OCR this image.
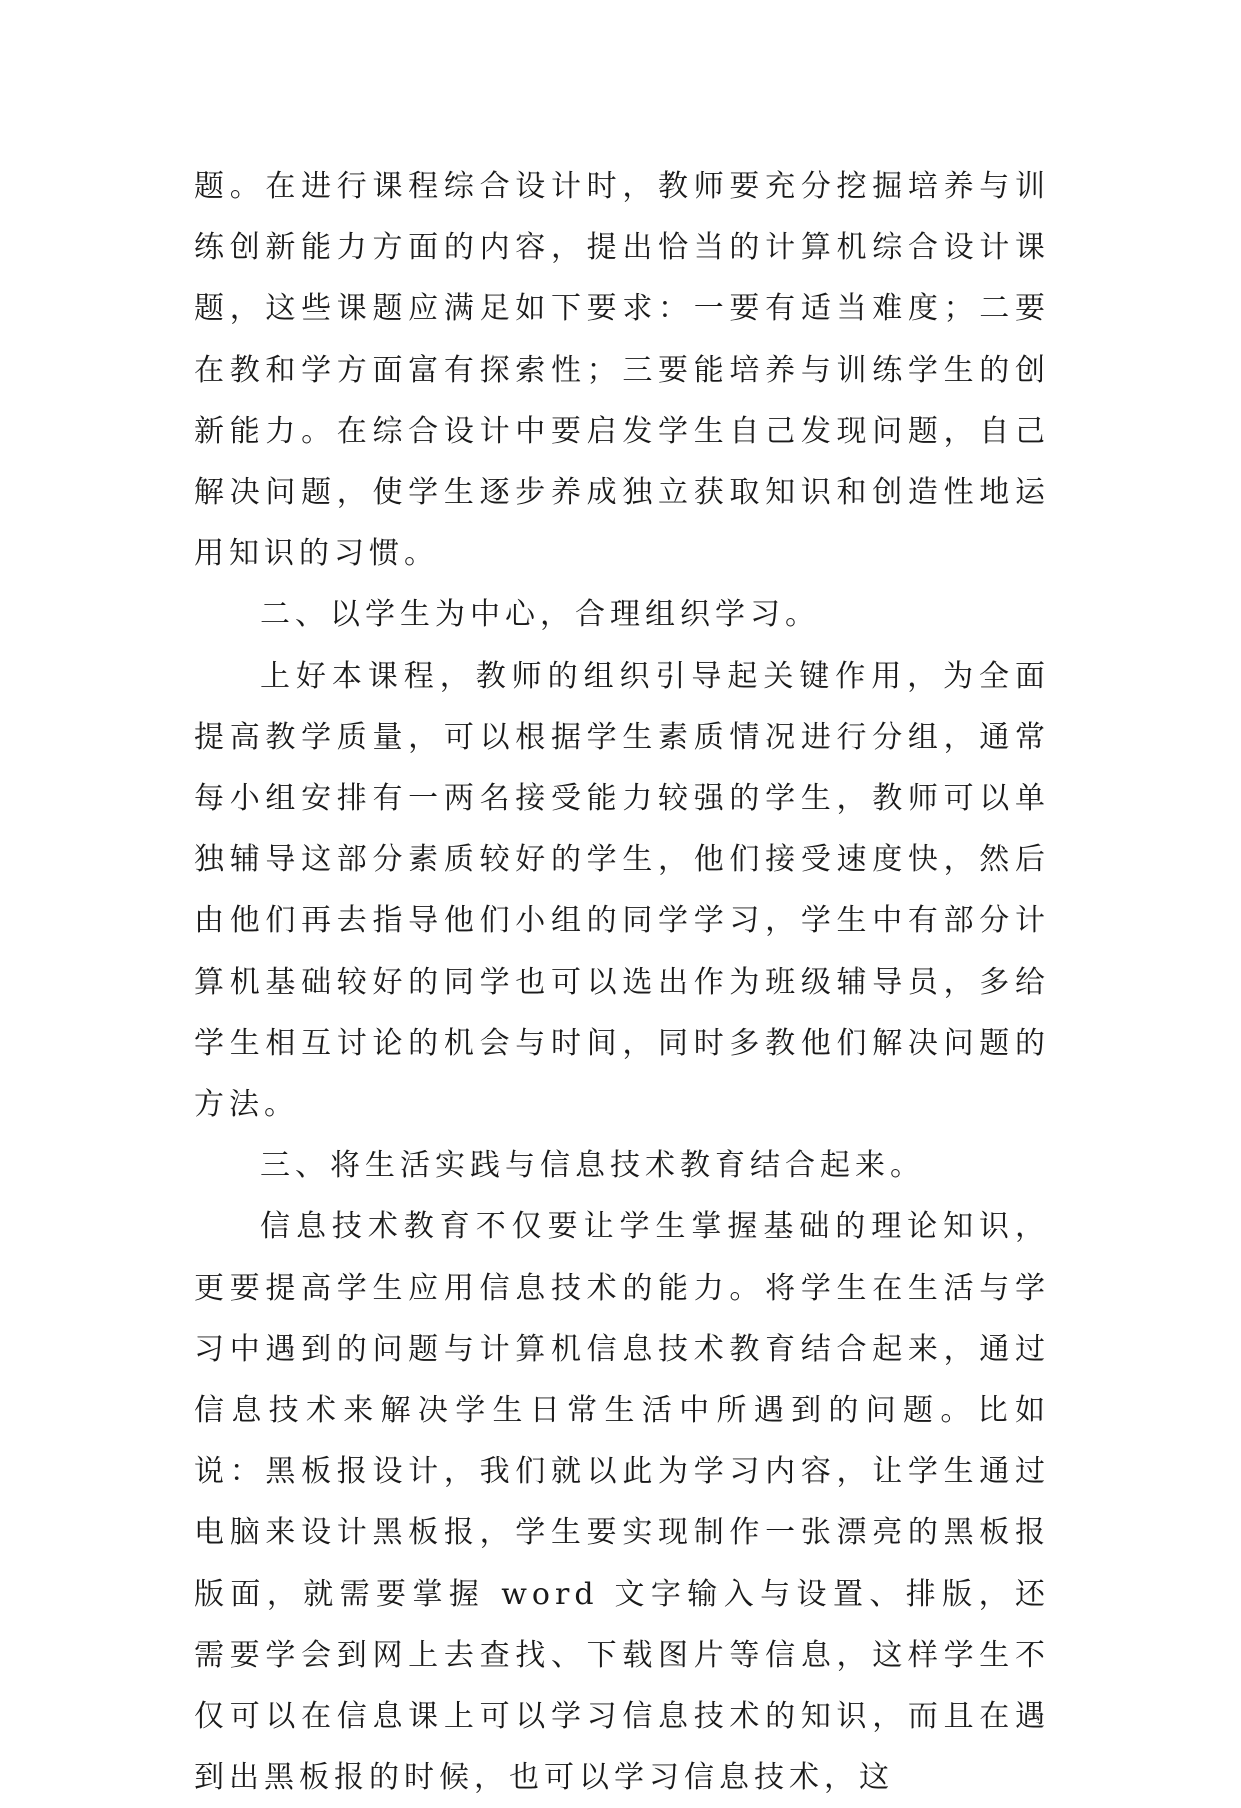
题。在进行课程综合设计时，教师要充分挖掘培养与训练创新能力方面的内容，提出恰当的计算机综合设计课题，这些课题应满足如下要求：一要有适当难度；二要在教和学方面富有探索性；三要能培养与训练学生的创新能力。在综合设计中要启发学生自己发现问题，自己解决问题，使学生逐步养成独立获取知识和创造性地运用知识的习惯。

二、以学生为中心，合理组织学习。

上好本课程，教师的组织引导起关键作用，为全面提高教学质量，可以根据学生素质情况进行分组，通常每小组安排有一两名接受能力较强的学生，教师可以单独辅导这部分素质较好的学生，他们接受速度快，然后由他们再去指导他们小组的同学学习，学生中有部分计算机基础较好的同学也可以选出作为班级辅导员，多给学生相互讨论的机会与时间，同时多教他们解决问题的方法。

三、将生活实践与信息技术教育结合起来。

信息技术教育不仅要让学生掌握基础的理论知识，更要提高学生应用信息技术的能力。将学生在生活与学习中遇到的问题与计算机信息技术教育结合起来，通过信息技术来解决学生日常生活中所遇到的问题。比如说：黑板报设计，我们就以此为学习内容，让学生通过电脑来设计黑板报，学生要实现制作一张漂亮的黑板报版面，就需要掌握 word 文字输入与设置、排版，还需要学会到网上去查找、下载图片等信息，这样学生不仅可以在信息课上可以学习信息技术的知识，而且在遇到出黑板报的时候，也可以学习信息技术，这
